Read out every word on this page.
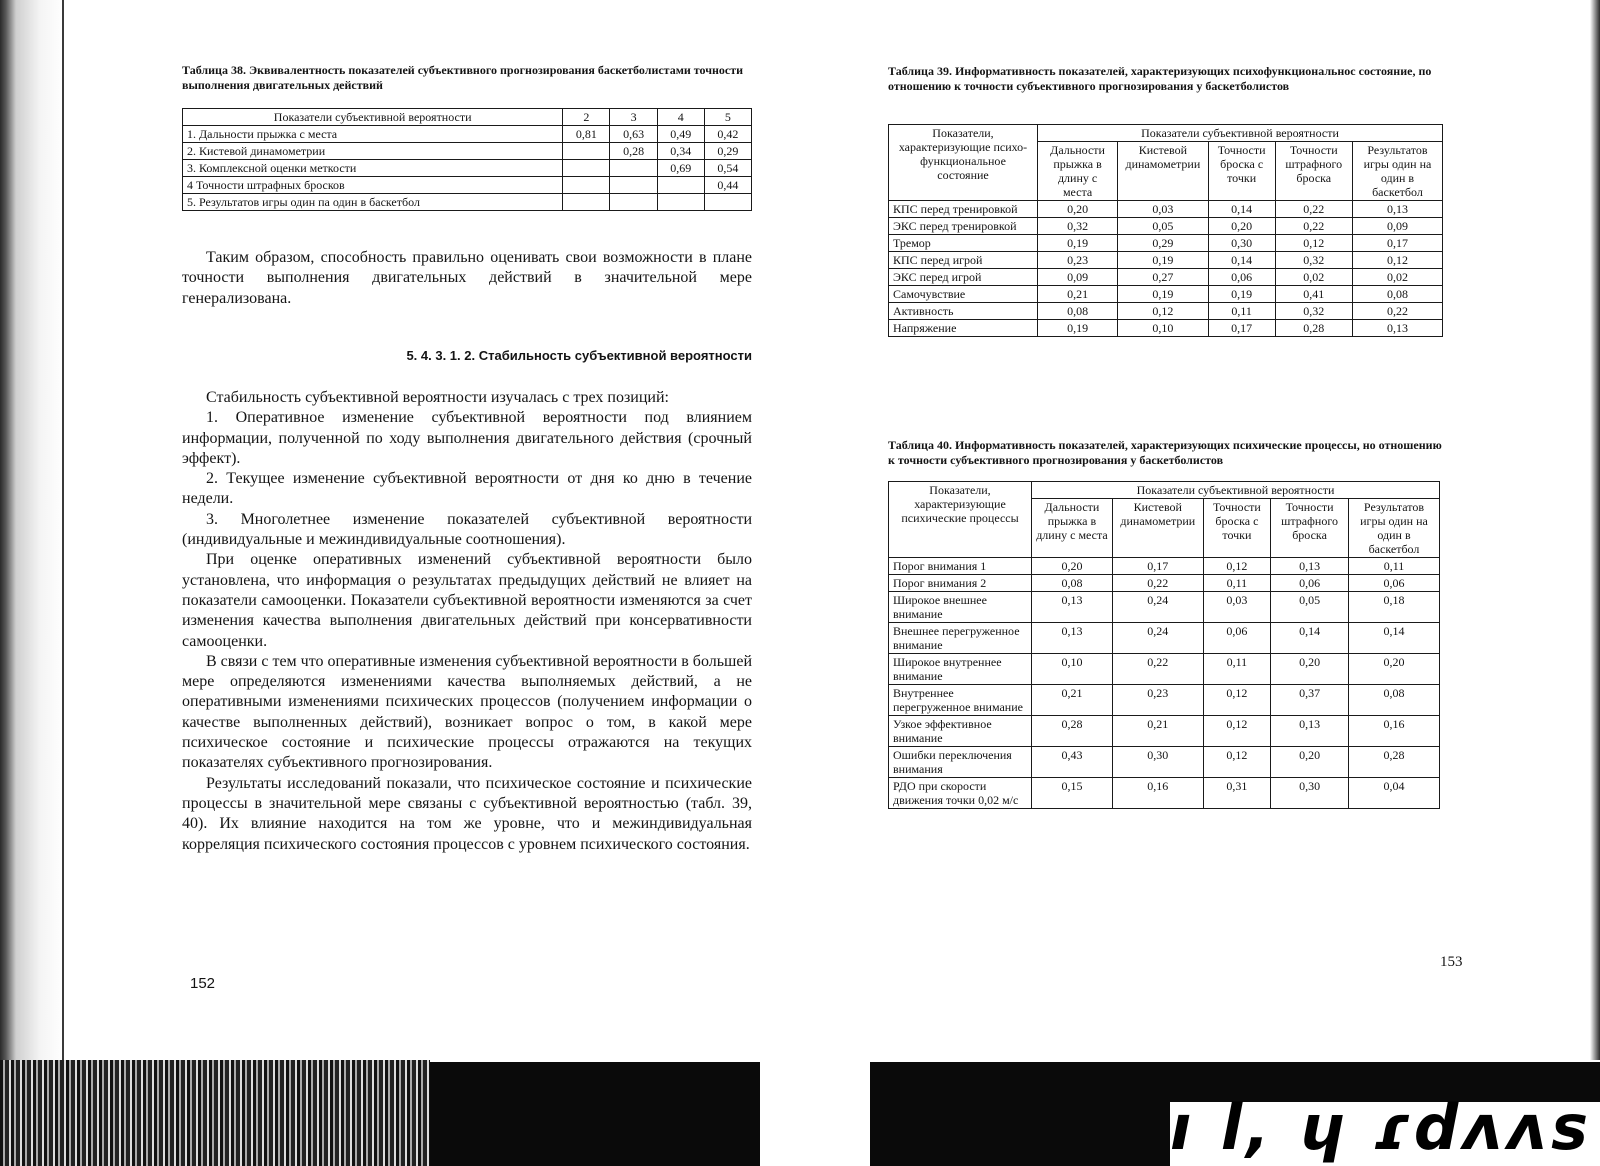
ı l, ɥ ɾdʌʌs

Таблица 38. Эквивалентность показателей субъективного прогнозирования баскетболистами точности выполнения двигательных действий

Показатели субъективной вероятности	2	3	4	5
1. Дальности прыжка с места	0,81	0,63	0,49	0,42
2. Кистевой динамометрии		0,28	0,34	0,29
3. Комплексной оценки меткости			0,69	0,54
4 Точности штрафных бросков				0,44
5. Результатов игры один па один в баскетбол				

Таким образом, способность правильно оценивать свои возможности в плане точности выполнения двигательных действий в значительной мере генерализована.

5. 4. 3. 1. 2. Стабильность субъективной вероятности

Стабильность субъективной вероятности изучалась с трех позиций:

1. Оперативное изменение субъективной вероятности под влиянием информации, полученной по ходу выполнения двигательного действия (срочный эффект).

2. Текущее изменение субъективной вероятности от дня ко дню в течение недели.

3. Многолетнее изменение показателей субъективной вероятности (индивидуальные и межиндивидуальные соотношения).

При оценке оперативных изменений субъективной вероятности было установлена, что информация о результатах предыдущих действий не влияет на показатели самооценки. Показатели субъективной вероятности изменяются за счет изменения качества выполнения двигательных действий при консервативности самооценки.

В связи с тем что оперативные изменения субъективной вероятности в большей мере определяются изменениями качества выполняемых действий, а не оперативными изменениями психических процессов (получением информации о качестве выполненных действий), возникает вопрос о том, в какой мере психическое состояние и психические процессы отражаются на текущих показателях субъективного прогнозирования.

Результаты исследований показали, что психическое состояние и психические процессы в значительной мере связаны с субъективной вероятностью (табл. 39, 40). Их влияние находится на том же уровне, что и межиндивидуальная корреляция психического состояния процессов с уровнем психического состояния.

152

Таблица 39. Информативность показателей, характеризующих психофункциональнос состояние, по отношению к точности субъективного прогнозирования у баскетболистов

Показатели, характеризующие психо-функциональное состояние	Показатели субъективной вероятности				
	Дальности прыжка в длину с места	Кистевой динамометрии	Точности броска с точки	Точности штрафного броска	Результатов игры один на один в баскетбол
КПС перед тренировкой	0,20	0,03	0,14	0,22	0,13
ЭКС перед тренировкой	0,32	0,05	0,20	0,22	0,09
Тремор	0,19	0,29	0,30	0,12	0,17
КПС перед игрой	0,23	0,19	0,14	0,32	0,12
ЭКС перед игрой	0,09	0,27	0,06	0,02	0,02
Самочувствие	0,21	0,19	0,19	0,41	0,08
Активность	0,08	0,12	0,11	0,32	0,22
Напряжение	0,19	0,10	0,17	0,28	0,13

Таблица 40. Информативность показателей, характеризующих психические процессы, но отношению к точности субъективного прогнозирования у баскетболистов

Показатели, характеризующие психические процессы	Показатели субъективной вероятности				
	Дальности прыжка в длину с места	Кистевой динамометрии	Точности броска с точки	Точности штрафного броска	Результатов игры один на один в баскетбол
Порог внимания 1	0,20	0,17	0,12	0,13	0,11
Порог внимания 2	0,08	0,22	0,11	0,06	0,06
Широкое внешнее внимание	0,13	0,24	0,03	0,05	0,18
Внешнее перегруженное внимание	0,13	0,24	0,06	0,14	0,14
Широкое внутреннее внимание	0,10	0,22	0,11	0,20	0,20
Внутреннее перегруженное внимание	0,21	0,23	0,12	0,37	0,08
Узкое эффективное внимание	0,28	0,21	0,12	0,13	0,16
Ошибки переключения внимания	0,43	0,30	0,12	0,20	0,28
РДО при скорости движения точки 0,02 м/с	0,15	0,16	0,31	0,30	0,04
153
